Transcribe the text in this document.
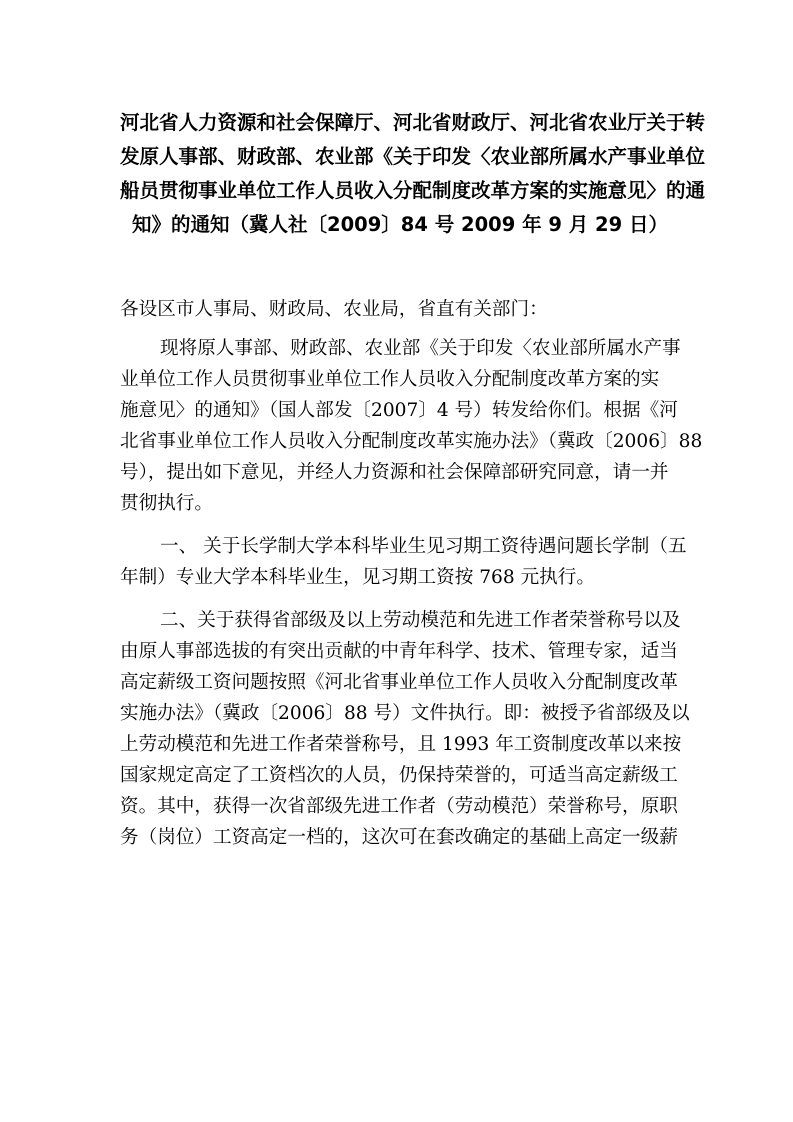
河北省人力资源和社会保障厅、河北省财政厅、河北省农业厅关于转
发原人事部、财政部、农业部《关于印发〈农业部所属水产事业单位
船员贯彻事业单位工作人员收入分配制度改革方案的实施意见〉的通
知》的通知（冀人社〔2009〕84 号 2009 年 9 月 29 日）
各设区市人事局、财政局、农业局，省直有关部门：
现将原人事部、财政部、农业部《关于印发〈农业部所属水产事
业单位工作人员贯彻事业单位工作人员收入分配制度改革方案的实
施意见〉的通知》（国人部发〔2007〕4 号）转发给你们。根据《河
北省事业单位工作人员收入分配制度改革实施办法》（冀政〔2006〕88
号），提出如下意见，并经人力资源和社会保障部研究同意，请一并
贯彻执行。
一、 关于长学制大学本科毕业生见习期工资待遇问题长学制（五
年制）专业大学本科毕业生，见习期工资按 768 元执行。
二、关于获得省部级及以上劳动模范和先进工作者荣誉称号以及
由原人事部选拔的有突出贡献的中青年科学、技术、管理专家，适当
高定薪级工资问题按照《河北省事业单位工作人员收入分配制度改革
实施办法》（冀政〔2006〕88 号）文件执行。即：被授予省部级及以
上劳动模范和先进工作者荣誉称号，且 1993 年工资制度改革以来按
国家规定高定了工资档次的人员，仍保持荣誉的，可适当高定薪级工
资。其中，获得一次省部级先进工作者（劳动模范）荣誉称号，原职
务（岗位）工资高定一档的，这次可在套改确定的基础上高定一级薪
